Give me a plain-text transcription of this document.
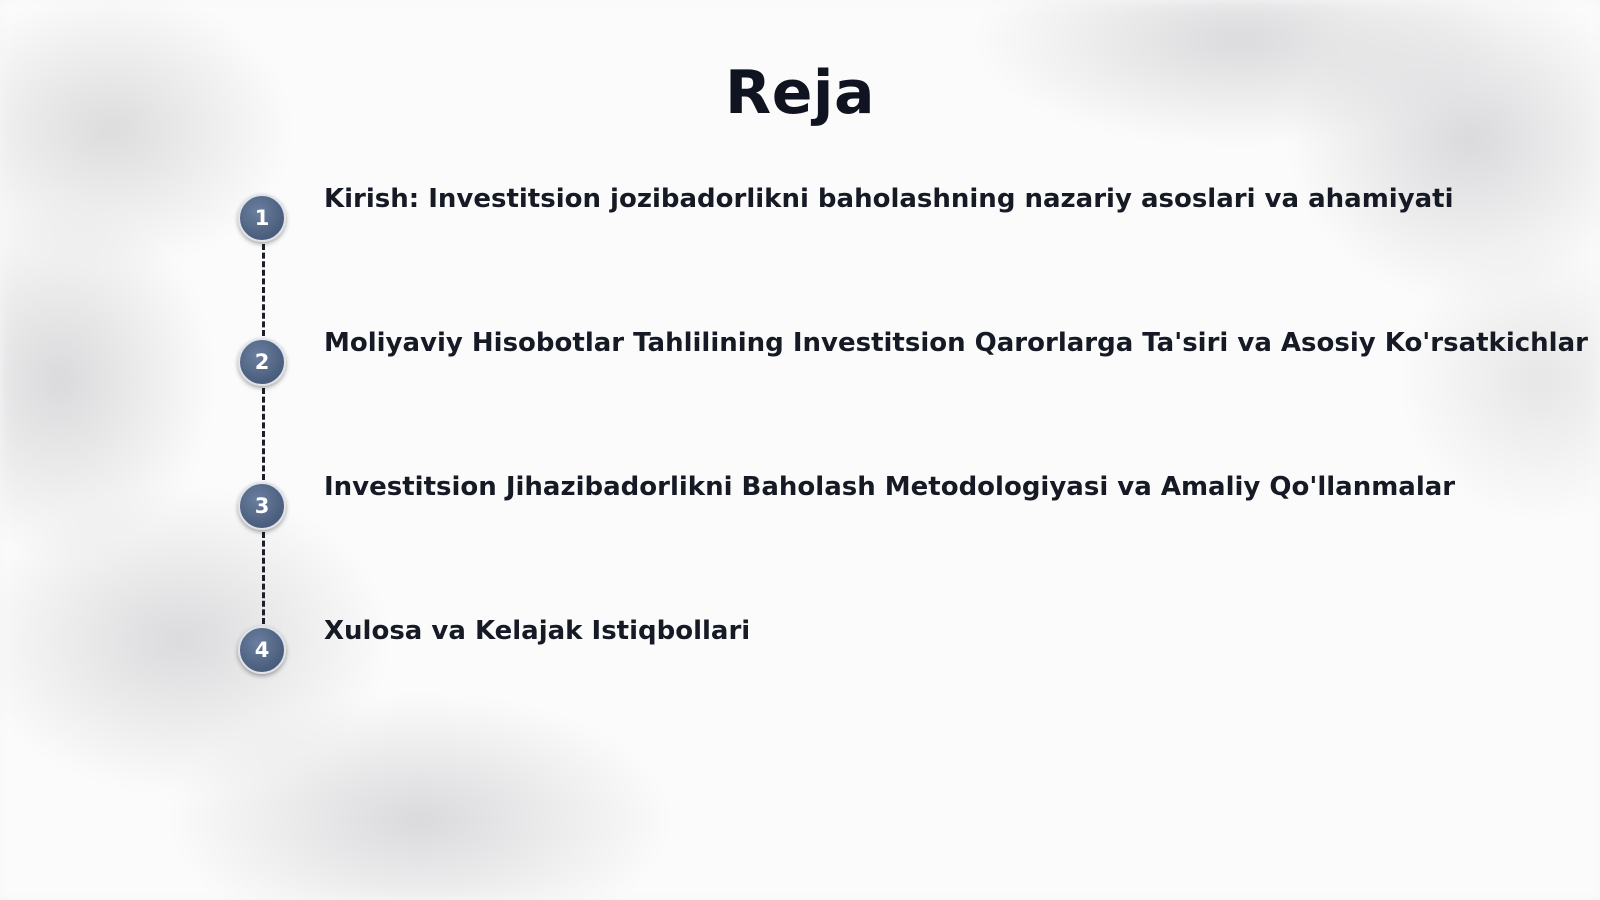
Reja
1
Kirish: Investitsion jozibadorlikni baholashning nazariy asoslari va ahamiyati
2
Moliyaviy Hisobotlar Tahlilining Investitsion Qarorlarga Ta'siri va Asosiy Ko'rsatkichlar
3
Investitsion Jihazibadorlikni Baholash Metodologiyasi va Amaliy Qo'llanmalar
4
Xulosa va Kelajak Istiqbollari
